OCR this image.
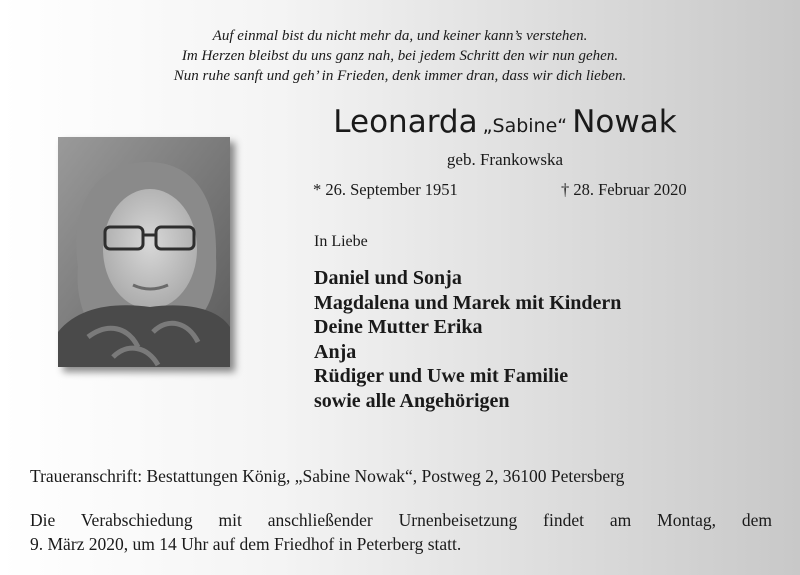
Auf einmal bist du nicht mehr da, und keiner kann’s verstehen.
Im Herzen bleibst du uns ganz nah, bei jedem Schritt den wir nun gehen.
Nun ruhe sanft und geh’ in Frieden, denk immer dran, dass wir dich lieben.
Leonarda „Sabine“ Nowak
geb. Frankowska
* 26. September 1951	† 28. Februar 2020
In Liebe
Daniel und Sonja
Magdalena und Marek mit Kindern
Deine Mutter Erika
Anja
Rüdiger und Uwe mit Familie
sowie alle Angehörigen
Traueranschrift: Bestattungen König, „Sabine Nowak“, Postweg 2, 36100 Petersberg
Die Verabschiedung mit anschließender Urnenbeisetzung findet am Montag, dem
9. März 2020, um 14 Uhr auf dem Friedhof in Peterberg statt.
